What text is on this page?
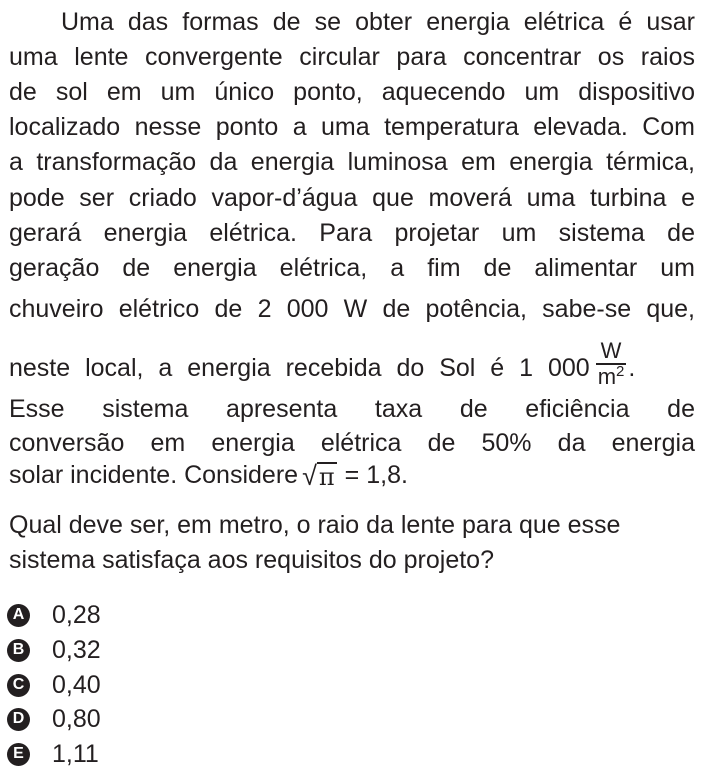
Uma das formas de se obter energia elétrica é usar
uma lente convergente circular para concentrar os raios
de sol em um único ponto, aquecendo um dispositivo
localizado nesse ponto a uma temperatura elevada. Com
a transformação da energia luminosa em energia térmica,
pode ser criado vapor-d’água que moverá uma turbina e
gerará energia elétrica. Para projetar um sistema de
geração de energia elétrica, a fim de alimentar um
chuveiro elétrico de 2 000 W de potência, sabe-se que,
neste local, a energia recebida do Sol é 1 $000 \frac{W}{m^2}$ .
Esse sistema apresenta taxa de eficiência de
conversão em energia elétrica de 50% da energia
solar incidente. Considere √ π = 1,8.
Qual deve ser, em metro, o raio da lente para que esse
sistema satisfaça aos requisitos do projeto?
A 0,28
B 0,32
C 0,40
D 0,80
E 1,11
